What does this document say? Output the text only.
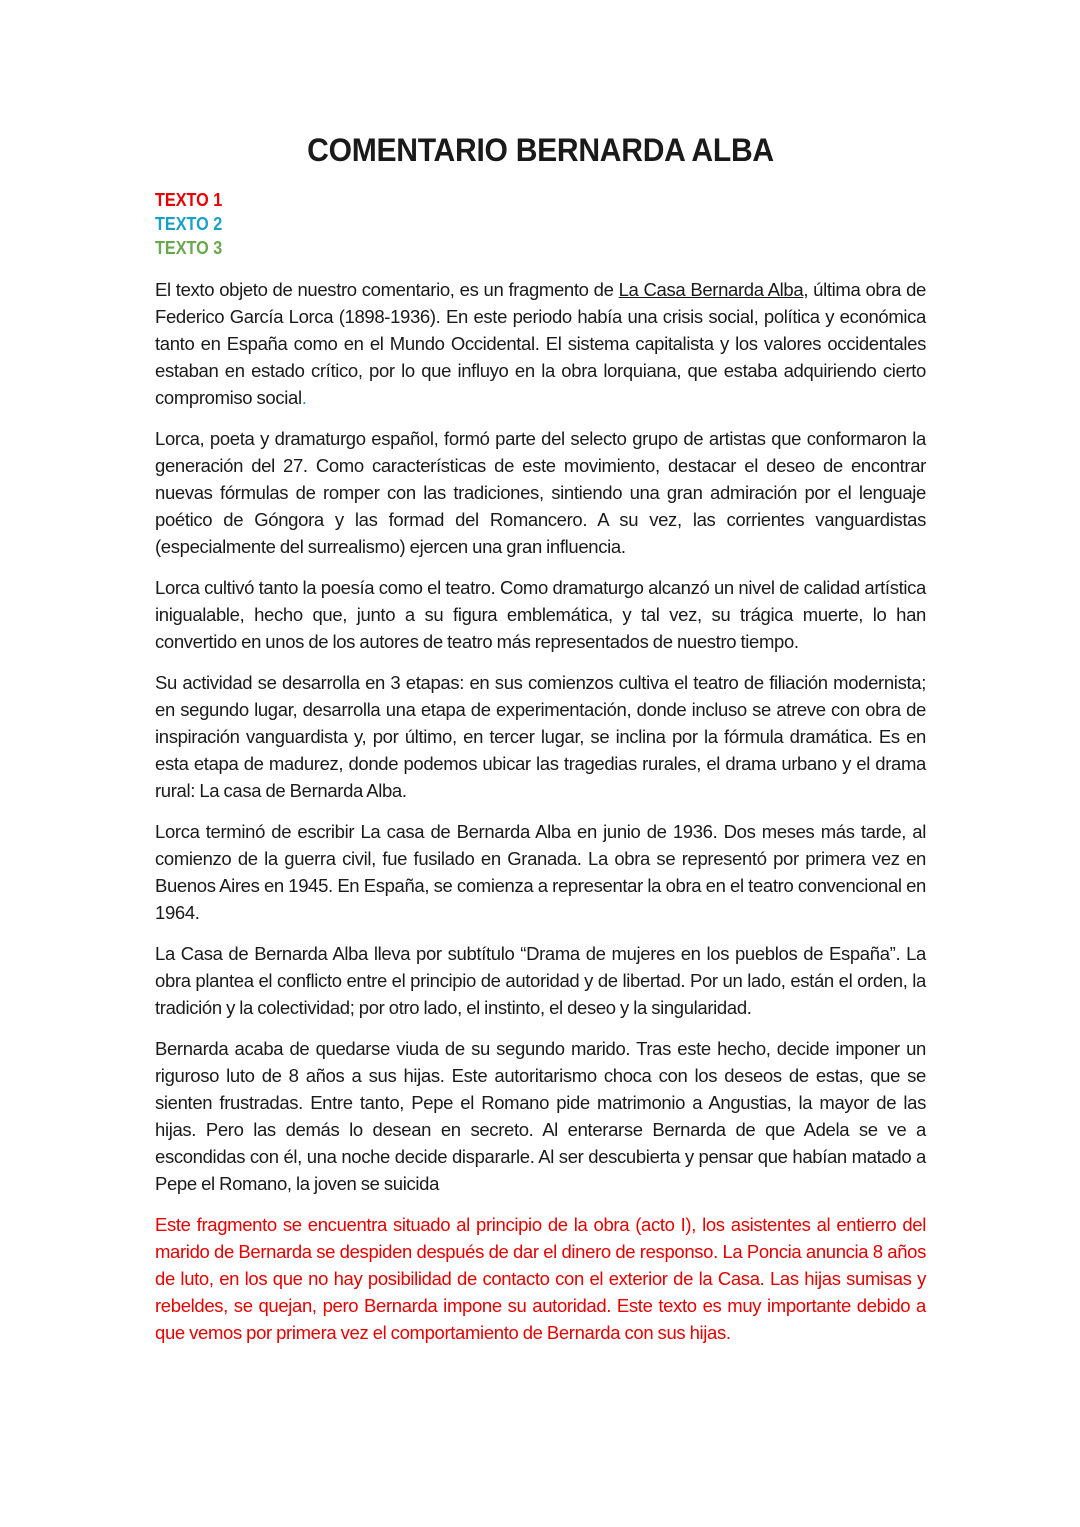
COMENTARIO BERNARDA ALBA
TEXTO 1
TEXTO 2
TEXTO 3

El texto objeto de nuestro comentario, es un fragmento de La Casa Bernarda Alba, última obra de Federico García Lorca (1898-1936). En este periodo había una crisis social, política y económica tanto en España como en el Mundo Occidental. El sistema capitalista y los valores occidentales estaban en estado crítico, por lo que influyo en la obra lorquiana, que estaba adquiriendo cierto compromiso social.

Lorca, poeta y dramaturgo español, formó parte del selecto grupo de artistas que conformaron la generación del 27. Como características de este movimiento, destacar el deseo de encontrar nuevas fórmulas de romper con las tradiciones, sintiendo una gran admiración por el lenguaje poético de Góngora y las formad del Romancero. A su vez, las corrientes vanguardistas (especialmente del surrealismo) ejercen una gran influencia.

Lorca cultivó tanto la poesía como el teatro. Como dramaturgo alcanzó un nivel de calidad artística inigualable, hecho que, junto a su figura emblemática, y tal vez, su trágica muerte, lo han convertido en unos de los autores de teatro más representados de nuestro tiempo.

Su actividad se desarrolla en 3 etapas: en sus comienzos cultiva el teatro de filiación modernista; en segundo lugar, desarrolla una etapa de experimentación, donde incluso se atreve con obra de inspiración vanguardista y, por último, en tercer lugar, se inclina por la fórmula dramática. Es en esta etapa de madurez, donde podemos ubicar las tragedias rurales, el drama urbano y el drama rural: La casa de Bernarda Alba.

Lorca terminó de escribir La casa de Bernarda Alba en junio de 1936. Dos meses más tarde, al comienzo de la guerra civil, fue fusilado en Granada. La obra se representó por primera vez en Buenos Aires en 1945. En España, se comienza a representar la obra en el teatro convencional en 1964.

La Casa de Bernarda Alba lleva por subtítulo “Drama de mujeres en los pueblos de España”. La obra plantea el conflicto entre el principio de autoridad y de libertad. Por un lado, están el orden, la tradición y la colectividad; por otro lado, el instinto, el deseo y la singularidad.

Bernarda acaba de quedarse viuda de su segundo marido. Tras este hecho, decide imponer un riguroso luto de 8 años a sus hijas. Este autoritarismo choca con los deseos de estas, que se sienten frustradas. Entre tanto, Pepe el Romano pide matrimonio a Angustias, la mayor de las hijas. Pero las demás lo desean en secreto. Al enterarse Bernarda de que Adela se ve a escondidas con él, una noche decide dispararle. Al ser descubierta y pensar que habían matado a Pepe el Romano, la joven se suicida

Este fragmento se encuentra situado al principio de la obra (acto I), los asistentes al entierro del marido de Bernarda se despiden después de dar el dinero de responso. La Poncia anuncia 8 años de luto, en los que no hay posibilidad de contacto con el exterior de la Casa. Las hijas sumisas y rebeldes, se quejan, pero Bernarda impone su autoridad. Este texto es muy importante debido a que vemos por primera vez el comportamiento de Bernarda con sus hijas.
